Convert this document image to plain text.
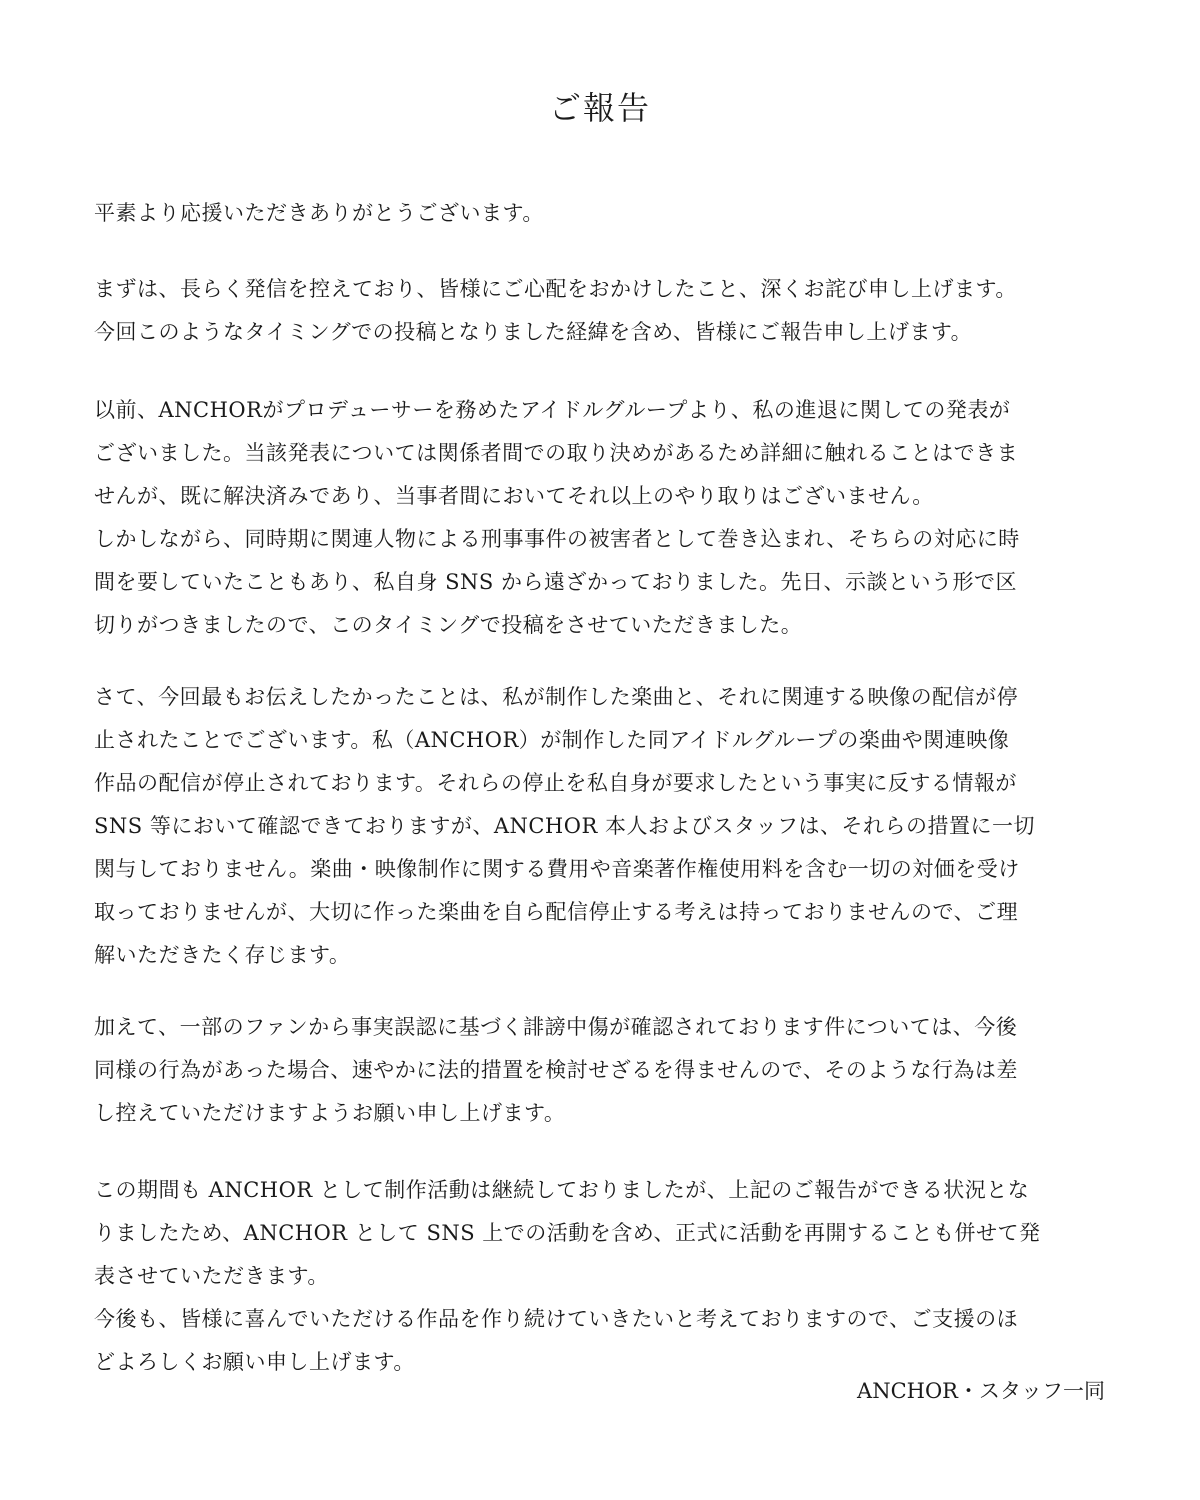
ご報告
平素より応援いただきありがとうございます。
まずは、長らく発信を控えており、皆様にご心配をおかけしたこと、深くお詫び申し上げます。
今回このようなタイミングでの投稿となりました経緯を含め、皆様にご報告申し上げます。
以前、ANCHORがプロデューサーを務めたアイドルグループより、私の進退に関しての発表が
ございました。当該発表については関係者間での取り決めがあるため詳細に触れることはできま
せんが、既に解決済みであり、当事者間においてそれ以上のやり取りはございません。
しかしながら、同時期に関連人物による刑事事件の被害者として巻き込まれ、そちらの対応に時
間を要していたこともあり、私自身 SNS から遠ざかっておりました。先日、示談という形で区
切りがつきましたので、このタイミングで投稿をさせていただきました。
さて、今回最もお伝えしたかったことは、私が制作した楽曲と、それに関連する映像の配信が停
止されたことでございます。私（ANCHOR）が制作した同アイドルグループの楽曲や関連映像
作品の配信が停止されております。それらの停止を私自身が要求したという事実に反する情報が
SNS 等において確認できておりますが、ANCHOR 本人およびスタッフは、それらの措置に一切
関与しておりません。楽曲・映像制作に関する費用や音楽著作権使用料を含む一切の対価を受け
取っておりませんが、大切に作った楽曲を自ら配信停止する考えは持っておりませんので、ご理
解いただきたく存じます。
加えて、一部のファンから事実誤認に基づく誹謗中傷が確認されております件については、今後
同様の行為があった場合、速やかに法的措置を検討せざるを得ませんので、そのような行為は差
し控えていただけますようお願い申し上げます。
この期間も ANCHOR として制作活動は継続しておりましたが、上記のご報告ができる状況とな
りましたため、ANCHOR として SNS 上での活動を含め、正式に活動を再開することも併せて発
表させていただきます。
今後も、皆様に喜んでいただける作品を作り続けていきたいと考えておりますので、ご支援のほ
どよろしくお願い申し上げます。
ANCHOR・スタッフ一同
